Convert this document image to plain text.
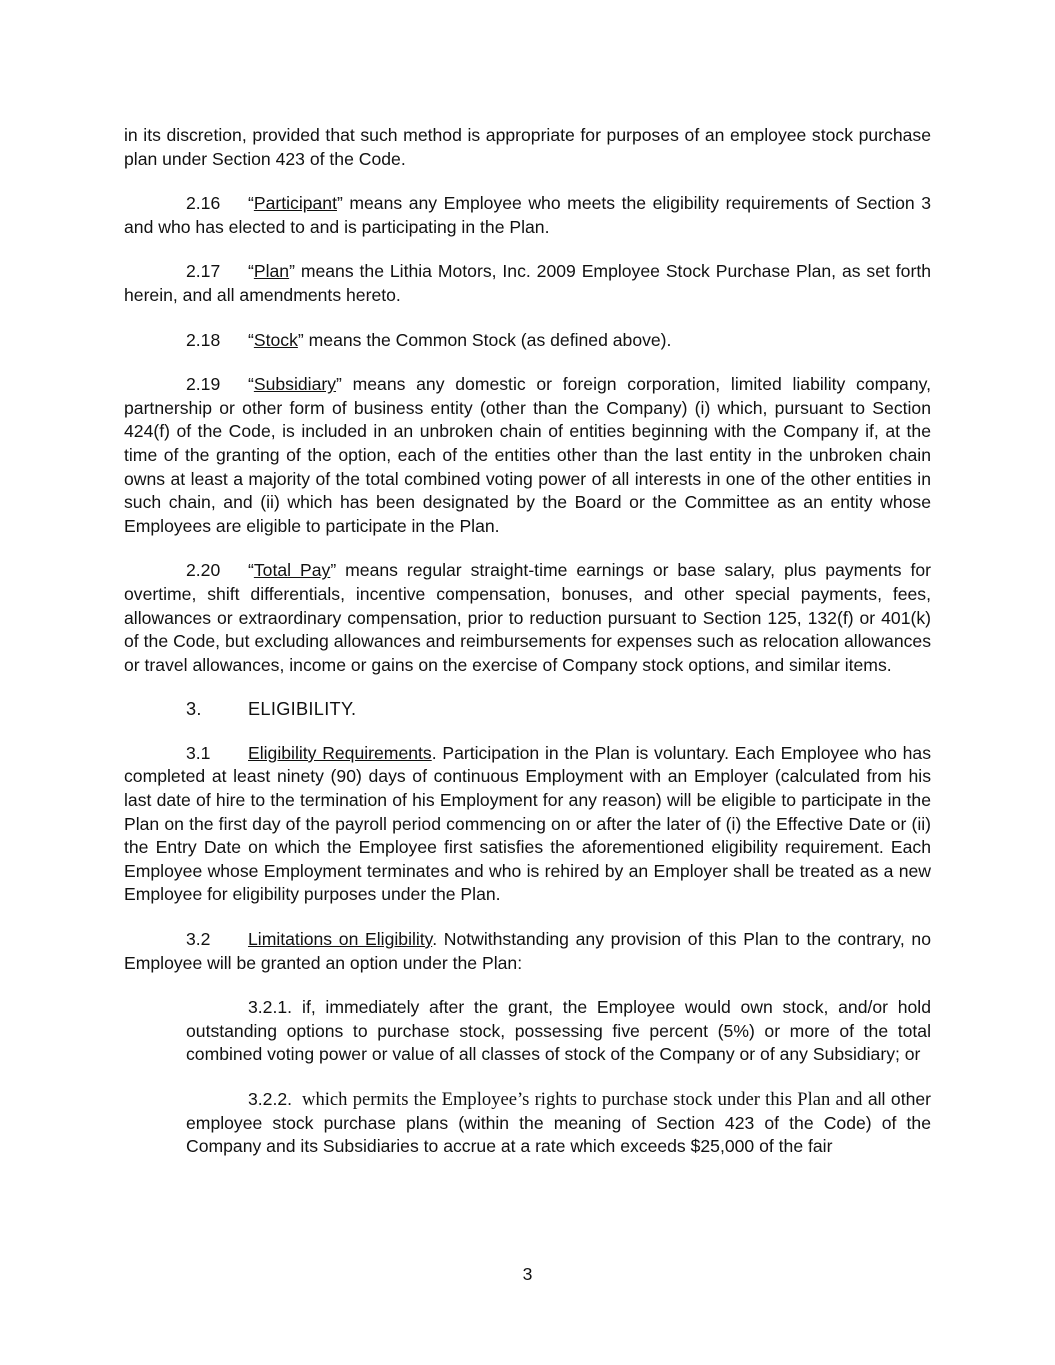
in its discretion, provided that such method is appropriate for purposes of an employee stock purchase plan under Section 423 of the Code.

2.16 “Participant” means any Employee who meets the eligibility requirements of Section 3 and who has elected to and is participating in the Plan.

2.17 “Plan” means the Lithia Motors, Inc. 2009 Employee Stock Purchase Plan, as set forth herein, and all amendments hereto.

2.18 “Stock” means the Common Stock (as defined above).

2.19 “Subsidiary” means any domestic or foreign corporation, limited liability company, partnership or other form of business entity (other than the Company) (i) which, pursuant to Section 424(f) of the Code, is included in an unbroken chain of entities beginning with the Company if, at the time of the granting of the option, each of the entities other than the last entity in the unbroken chain owns at least a majority of the total combined voting power of all interests in one of the other entities in such chain, and (ii) which has been designated by the Board or the Committee as an entity whose Employees are eligible to participate in the Plan.

2.20 “Total Pay” means regular straight-time earnings or base salary, plus payments for overtime, shift differentials, incentive compensation, bonuses, and other special payments, fees, allowances or extraordinary compensation, prior to reduction pursuant to Section 125, 132(f) or 401(k) of the Code, but excluding allowances and reimbursements for expenses such as relocation allowances or travel allowances, income or gains on the exercise of Company stock options, and similar items.

3.	ELIGIBILITY.

3.1 Eligibility Requirements. Participation in the Plan is voluntary. Each Employee who has completed at least ninety (90) days of continuous Employment with an Employer (calculated from his last date of hire to the termination of his Employment for any reason) will be eligible to participate in the Plan on the first day of the payroll period commencing on or after the later of (i) the Effective Date or (ii) the Entry Date on which the Employee first satisfies the aforementioned eligibility requirement. Each Employee whose Employment terminates and who is rehired by an Employer shall be treated as a new Employee for eligibility purposes under the Plan.

3.2 Limitations on Eligibility. Notwithstanding any provision of this Plan to the contrary, no Employee will be granted an option under the Plan:

3.2.1. if, immediately after the grant, the Employee would own stock, and/or hold outstanding options to purchase stock, possessing five percent (5%) or more of the total combined voting power or value of all classes of stock of the Company or of any Subsidiary; or

3.2.2. which permits the Employee’s rights to purchase stock under this Plan and all other employee stock purchase plans (within the meaning of Section 423 of the Code) of the Company and its Subsidiaries to accrue at a rate which exceeds $25,000 of the fair

3
